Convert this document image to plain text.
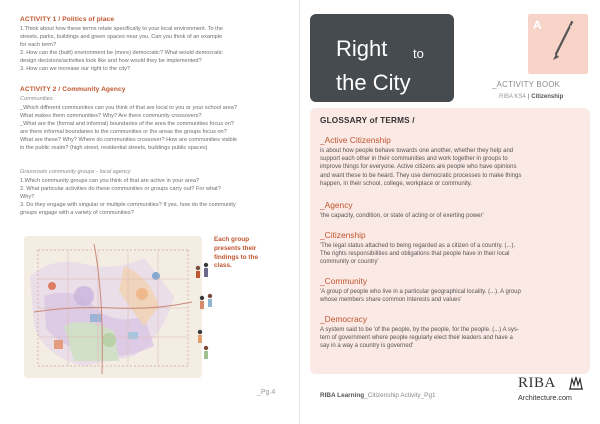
ACTIVITY 1 / Politics of place
1.Think about how these terms relate specifically to your local environment. To the
streets, parks, buildings and green spaces near you. Can you think of an example
for each term?
2. How can the (built) environment be (more) democratic? What would democratic
design decisions/activities look like and how would they be implemented?
3. How can we increase our right to the city?
ACTIVITY 2 / Community Agency
Communities
_Which different communities can you think of that are local to you or your school area?
What makes them communities? Why? Are there community crossovers?
_What are the (formal and informal) boundaries of the area the communities focus on?
are there informal boundaries to the communities or the areas the groups focus on?
What are these? Why? Where do communities crossover? How are communities visible
in the public realm? (high street, residential streets, buildings public spaces)
Grassroots community groups - local agency
1.Which community groups can you think of that are active in your area?
2. What particular activities do these communities or groups carry out? For what?
Why?
3. Do they engage with singular or multiple communities? If yes, how do the community
groups engage with a variety of communities?
Each group
presents their
findings to the
class.
_Pg.4
Right to
the City
A
_ACTIVITY BOOK
RIBA KS4 | Citizenship
GLOSSARY of TERMS /
_Active Citizenship
is about how people behave towards one another, whether they help and
support each other in their communities and work together in groups to
improve things for everyone. Active citizens are people who have opinions
and want these to be heard. They use democratic processes to make things
happen, in their school, college, workplace or community.
_Agency
'the capacity, condition, or state of acting or of exerting power'
_Citizenship
'The legal status attached to being regarded as a citizen of a country. (...).
The rights responsibilities and obligations that people have in their local
community or country'
_Community
'A group of people who live in a particular geographical locality. (...). A group
whose members share common interests and values'
_Democracy
A system said to be 'of the people, by the people, for the people. (...) A sys-
tem of government where people regularly elect their leaders and have a
say in a way a country is governed'
RIBA Learning_Citizenship Activity_Pg1
RIBA
Architecture.com
